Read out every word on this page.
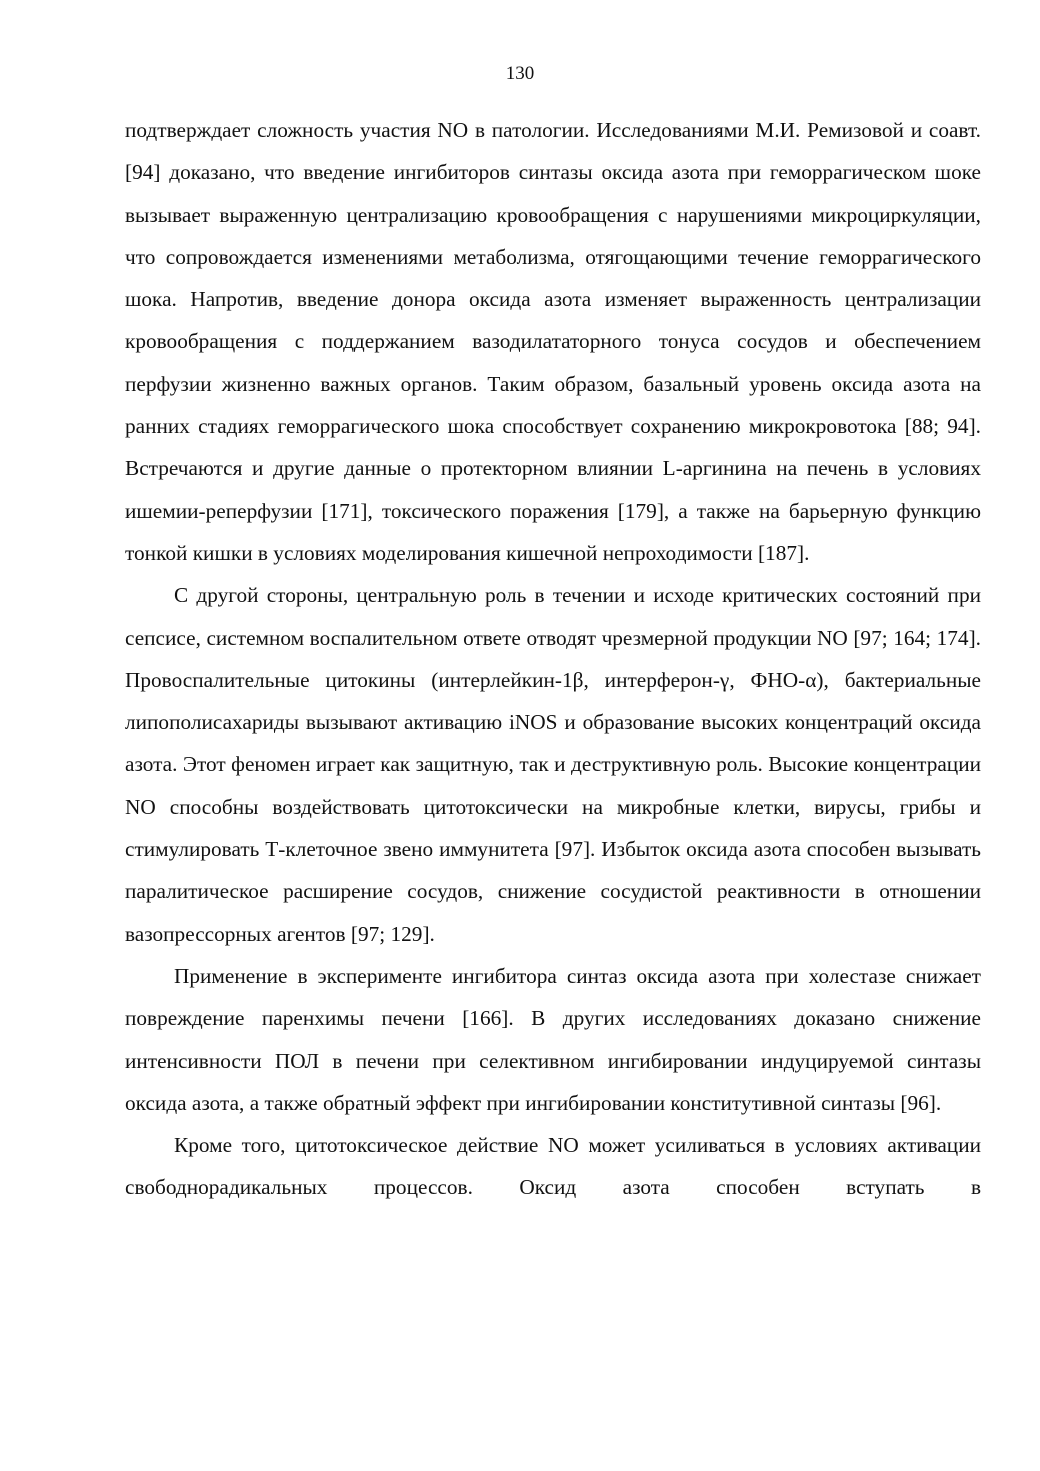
130

подтверждает сложность участия NO в патологии. Исследованиями М.И. Ремизовой и соавт. [94] доказано, что введение ингибиторов синтазы оксида азота при геморрагическом шоке вызывает выраженную централизацию кровообращения с нарушениями микроциркуляции, что сопровождается изменениями метаболизма, отягощающими течение геморрагического шока. Напротив, введение донора оксида азота изменяет выраженность централизации кровообращения с поддержанием вазодилататорного тонуса сосудов и обеспечением перфузии жизненно важных органов. Таким образом, базальный уровень оксида азота на ранних стадиях геморрагического шока способствует сохранению микрокровотока [88; 94]. Встречаются и другие данные о протекторном влиянии L-аргинина на печень в условиях ишемии-реперфузии [171], токсического поражения [179], а также на барьерную функцию тонкой кишки в условиях моделирования кишечной непроходимости [187].

С другой стороны, центральную роль в течении и исходе критических состояний при сепсисе, системном воспалительном ответе отводят чрезмерной продукции NO [97; 164; 174]. Провоспалительные цитокины (интерлейкин-1β, интерферон-γ, ФНО-α), бактериальные липополисахариды вызывают активацию iNOS и образование высоких концентраций оксида азота. Этот феномен играет как защитную, так и деструктивную роль. Высокие концентрации NO способны воздействовать цитотоксически на микробные клетки, вирусы, грибы и стимулировать Т-клеточное звено иммунитета [97]. Избыток оксида азота способен вызывать паралитическое расширение сосудов, снижение сосудистой реактивности в отношении вазопрессорных агентов [97; 129].

Применение в эксперименте ингибитора синтаз оксида азота при холестазе снижает повреждение паренхимы печени [166]. В других исследованиях доказано снижение интенсивности ПОЛ в печени при селективном ингибировании индуцируемой синтазы оксида азота, а также обратный эффект при ингибировании конститутивной синтазы [96].

Кроме того, цитотоксическое действие NO может усиливаться в условиях активации свободнорадикальных процессов. Оксид азота способен вступать в
